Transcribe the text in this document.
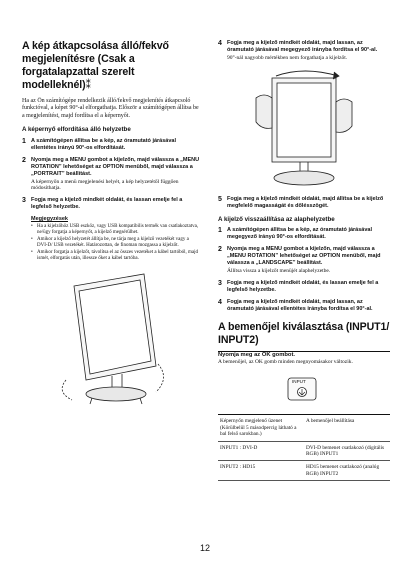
A kép átkapcsolása álló/fekvő megjelenítésre (Csak a forgatalapzattal szerelt modelleknél)⁑

Ha az Ön számítógépe rendelkezik álló/fekvő megjelenítés átkapcsoló funkcióval, a képet 90°-al elforgathatja. Először a számítógépen állítsa be a megjelenítést, majd fordítsa el a képernyőt.

A képernyő elfordítása álló helyzetbe
1 A számítógépen állítsa be a kép, az óramutató járásával ellentétes irányú 90°-os elfordítását.
2 Nyomja meg a MENU gombot a kijelzőn, majd válassza a „MENU ROTATION” lehetőséget az OPTION menüből, majd válassza a „PORTRAIT” beállítást.
A képernyőn a menü megjelenési helyét, a kép helyzetétől függően módosíthatja.
3 Fogja meg a kijelző mindkét oldalát, és lassan emelje fel a legfelső helyzetbe.
Megjegyzések
• Ha a kijelzőhöz USB eszköz, vagy USB kompatibilis termék van csatlakoztatva, ne/ügy forgatja a képernyőt, a kijelző megsérülhet.
• Amikor a kijelző helyzetét állítja be, ne tárja meg a kijelző vezetékét vagy a DVI-D/ USB vezetékét. Határozottan, de finoman mozgassa a kijelzőt.
• Amikor forgatja a kijelzőt, távolítsa el az összes vezetéket a kábel tartóból, majd ismét, elforgatás után, illessze őket a kábel tartóba.
4 Fogja meg a kijelző mindkét oldalát, majd lassan, az óramutató járásával megegyező irányba fordítsa el 90°-al.
90°-nál nagyobb mértékben nem forgathatja a kijelzőt.
5 Fogja meg a kijelző mindkét oldalát, majd állítsa be a kijelző megfelelő magasságát és dőlésszögét.
A kijelző visszaállítása az alaphelyzetbe
1 A számítógépen állítsa be a kép, az óramutató járásával megegyező irányú 90°-os elfordítását.
2 Nyomja meg a MENU gombot a kijelzőn, majd válassza a „MENU ROTATION” lehetőséget az OPTION menüből, majd válassza a „LANDSCAPE” beállítást.
Állítsa vissza a kijelzőt menüjét alaphelyzetbe.
3 Fogja meg a kijelző mindkét oldalát, és lassan emelje fel a legfelső helyzetbe.
4 Fogja meg a kijelző mindkét oldalát, majd lassan, az óramutató járásával ellentétes irányba fordítsa el 90°-al.
A bemenőjel kiválasztása (INPUT1/ INPUT2)
Nyomja meg az OK gombot.

A bemenőjel, az OK gomb minden megnyomásakor változik.

INPUT
Képernyőn megjelenő üzenet (Körülbelül 5 másodpercig látható a bal felső sarokban.)	A bemenőjel beállítása
INPUT1 : DVI-D	DVI-D bemenet csatlakozó (digitális RGB) INPUT1
INPUT2 : HD15	HD15 bemenet csatlakozó (analóg RGB) INPUT2
12
